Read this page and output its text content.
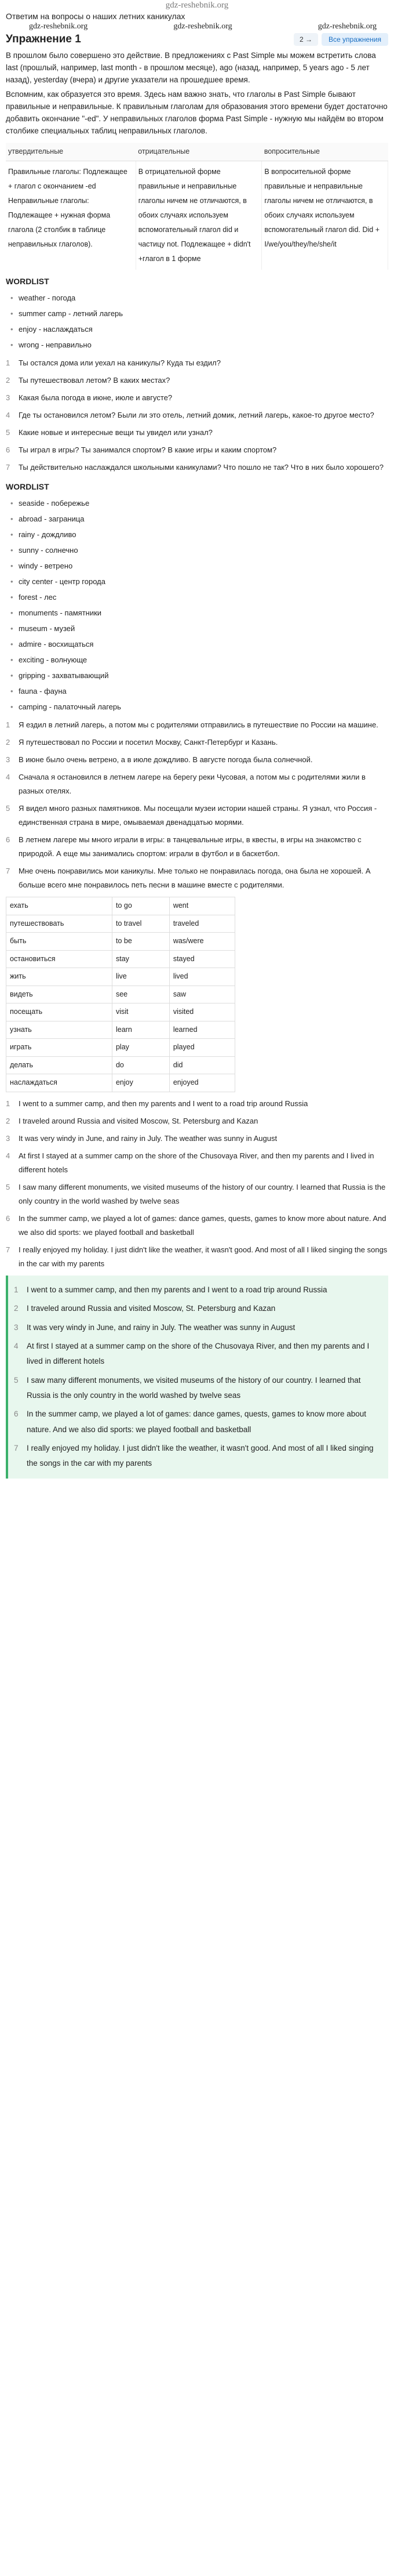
gdz-reshebnik.org
Ответим на вопросы о наших летних каникулах
gdz-reshebnik.org	gdz-reshebnik.org	gdz-reshebnik.org
Упражнение 1	2 →	Все упражнения

В прошлом было совершено это действие. В предложениях с Past Simple мы можем встретить слова last (прошлый, например, last month - в прошлом месяце), ago (назад, например, 5 years ago - 5 лет назад), yesterday (вчера) и другие указатели на прошедшее время.

Вспомним, как образуется это время. Здесь нам важно знать, что глаголы в Past Simple бывают правильные и неправильные. К правильным глаголам для образования этого времени будет достаточно добавить окончание "-ed". У неправильных глаголов форма Past Simple - нужную мы найдём во втором столбике специальных таблиц неправильных глаголов.

утвердительные	отрицательные	вопросительные
Правильные глаголы: Подлежащее + глагол с окончанием -ed Неправильные глаголы: Подлежащее + нужная форма глагола (2 столбик в таблице неправильных глаголов).	В отрицательной форме правильные и неправильные глаголы ничем не отличаются, в обоих случаях используем вспомогательный глагол did и частицу not. Подлежащее + didn't +глагол в 1 форме	В вопросительной форме правильные и неправильные глаголы ничем не отличаются, в обоих случаях используем вспомогательный глагол did. Did + I/we/you/they/he/she/it
WORDLIST
• weather - погода
• summer camp - летний лагерь
• enjoy - наслаждаться
• wrong - неправильно
1	Ты остался дома или уехал на каникулы? Куда ты ездил?
2	Ты путешествовал летом? В каких местах?
3	Какая была погода в июне, июле и августе?
4	Где ты остановился летом? Были ли это отель, летний домик, летний лагерь, какое-то другое место?
5	Какие новые и интересные вещи ты увидел или узнал?
6	Ты играл в игры? Ты занимался спортом? В какие игры и каким спортом?
7	Ты действительно наслаждался школьными каникулами? Что пошло не так? Что в них было хорошего?
WORDLIST
• seaside - побережье
• abroad - заграница
• rainy - дождливо
• sunny - солнечно
• windy - ветрено
• city center - центр города
• forest - лес
• monuments - памятники
• museum - музей
• admire - восхищаться
• exciting - волнующе
• gripping - захватывающий
• fauna - фауна
• camping - палаточный лагерь
1	Я ездил в летний лагерь, а потом мы с родителями отправились в путешествие по России на машине.
2	Я путешествовал по России и посетил Москву, Санкт-Петербург и Казань.
3	В июне было очень ветрено, а в июле дождливо. В августе погода была солнечной.
4	Сначала я остановился в летнем лагере на берегу реки Чусовая, а потом мы с родителями жили в разных отелях.
5	Я видел много разных памятников. Мы посещали музеи истории нашей страны. Я узнал, что Россия - единственная страна в мире, омываемая двенадцатью морями.
6	В летнем лагере мы много играли в игры: в танцевальные игры, в квесты, в игры на знакомство с природой. А еще мы занимались спортом: играли в футбол и в баскетбол.
7	Мне очень понравились мои каникулы. Мне только не понравилась погода, она была не хорошей. А больше всего мне понравилось петь песни в машине вместе с родителями.
ехать	to go	went
путешествовать	to travel	traveled
быть	to be	was/were
остановиться	stay	stayed
жить	live	lived
видеть	see	saw
посещать	visit	visited
узнать	learn	learned
играть	play	played
делать	do	did
наслаждаться	enjoy	enjoyed
1	I went to a summer camp, and then my parents and I went to a road trip around Russia
2	I traveled around Russia and visited Moscow, St. Petersburg and Kazan
3	It was very windy in June, and rainy in July. The weather was sunny in August
4	At first I stayed at a summer camp on the shore of the Chusovaya River, and then my parents and I lived in different hotels
5	I saw many different monuments, we visited museums of the history of our country. I learned that Russia is the only country in the world washed by twelve seas
6	In the summer camp, we played a lot of games: dance games, quests, games to know more about nature. And we also did sports: we played football and basketball
7	I really enjoyed my holiday. I just didn't like the weather, it wasn't good. And most of all I liked singing the songs in the car with my parents
1	I went to a summer camp, and then my parents and I went to a road trip around Russia
2	I traveled around Russia and visited Moscow, St. Petersburg and Kazan
3	It was very windy in June, and rainy in July. The weather was sunny in August
4	At first I stayed at a summer camp on the shore of the Chusovaya River, and then my parents and I lived in different hotels
5	I saw many different monuments, we visited museums of the history of our country. I learned that Russia is the only country in the world washed by twelve seas
6	In the summer camp, we played a lot of games: dance games, quests, games to know more about nature. And we also did sports: we played football and basketball
7	I really enjoyed my holiday. I just didn't like the weather, it wasn't good. And most of all I liked singing the songs in the car with my parents
